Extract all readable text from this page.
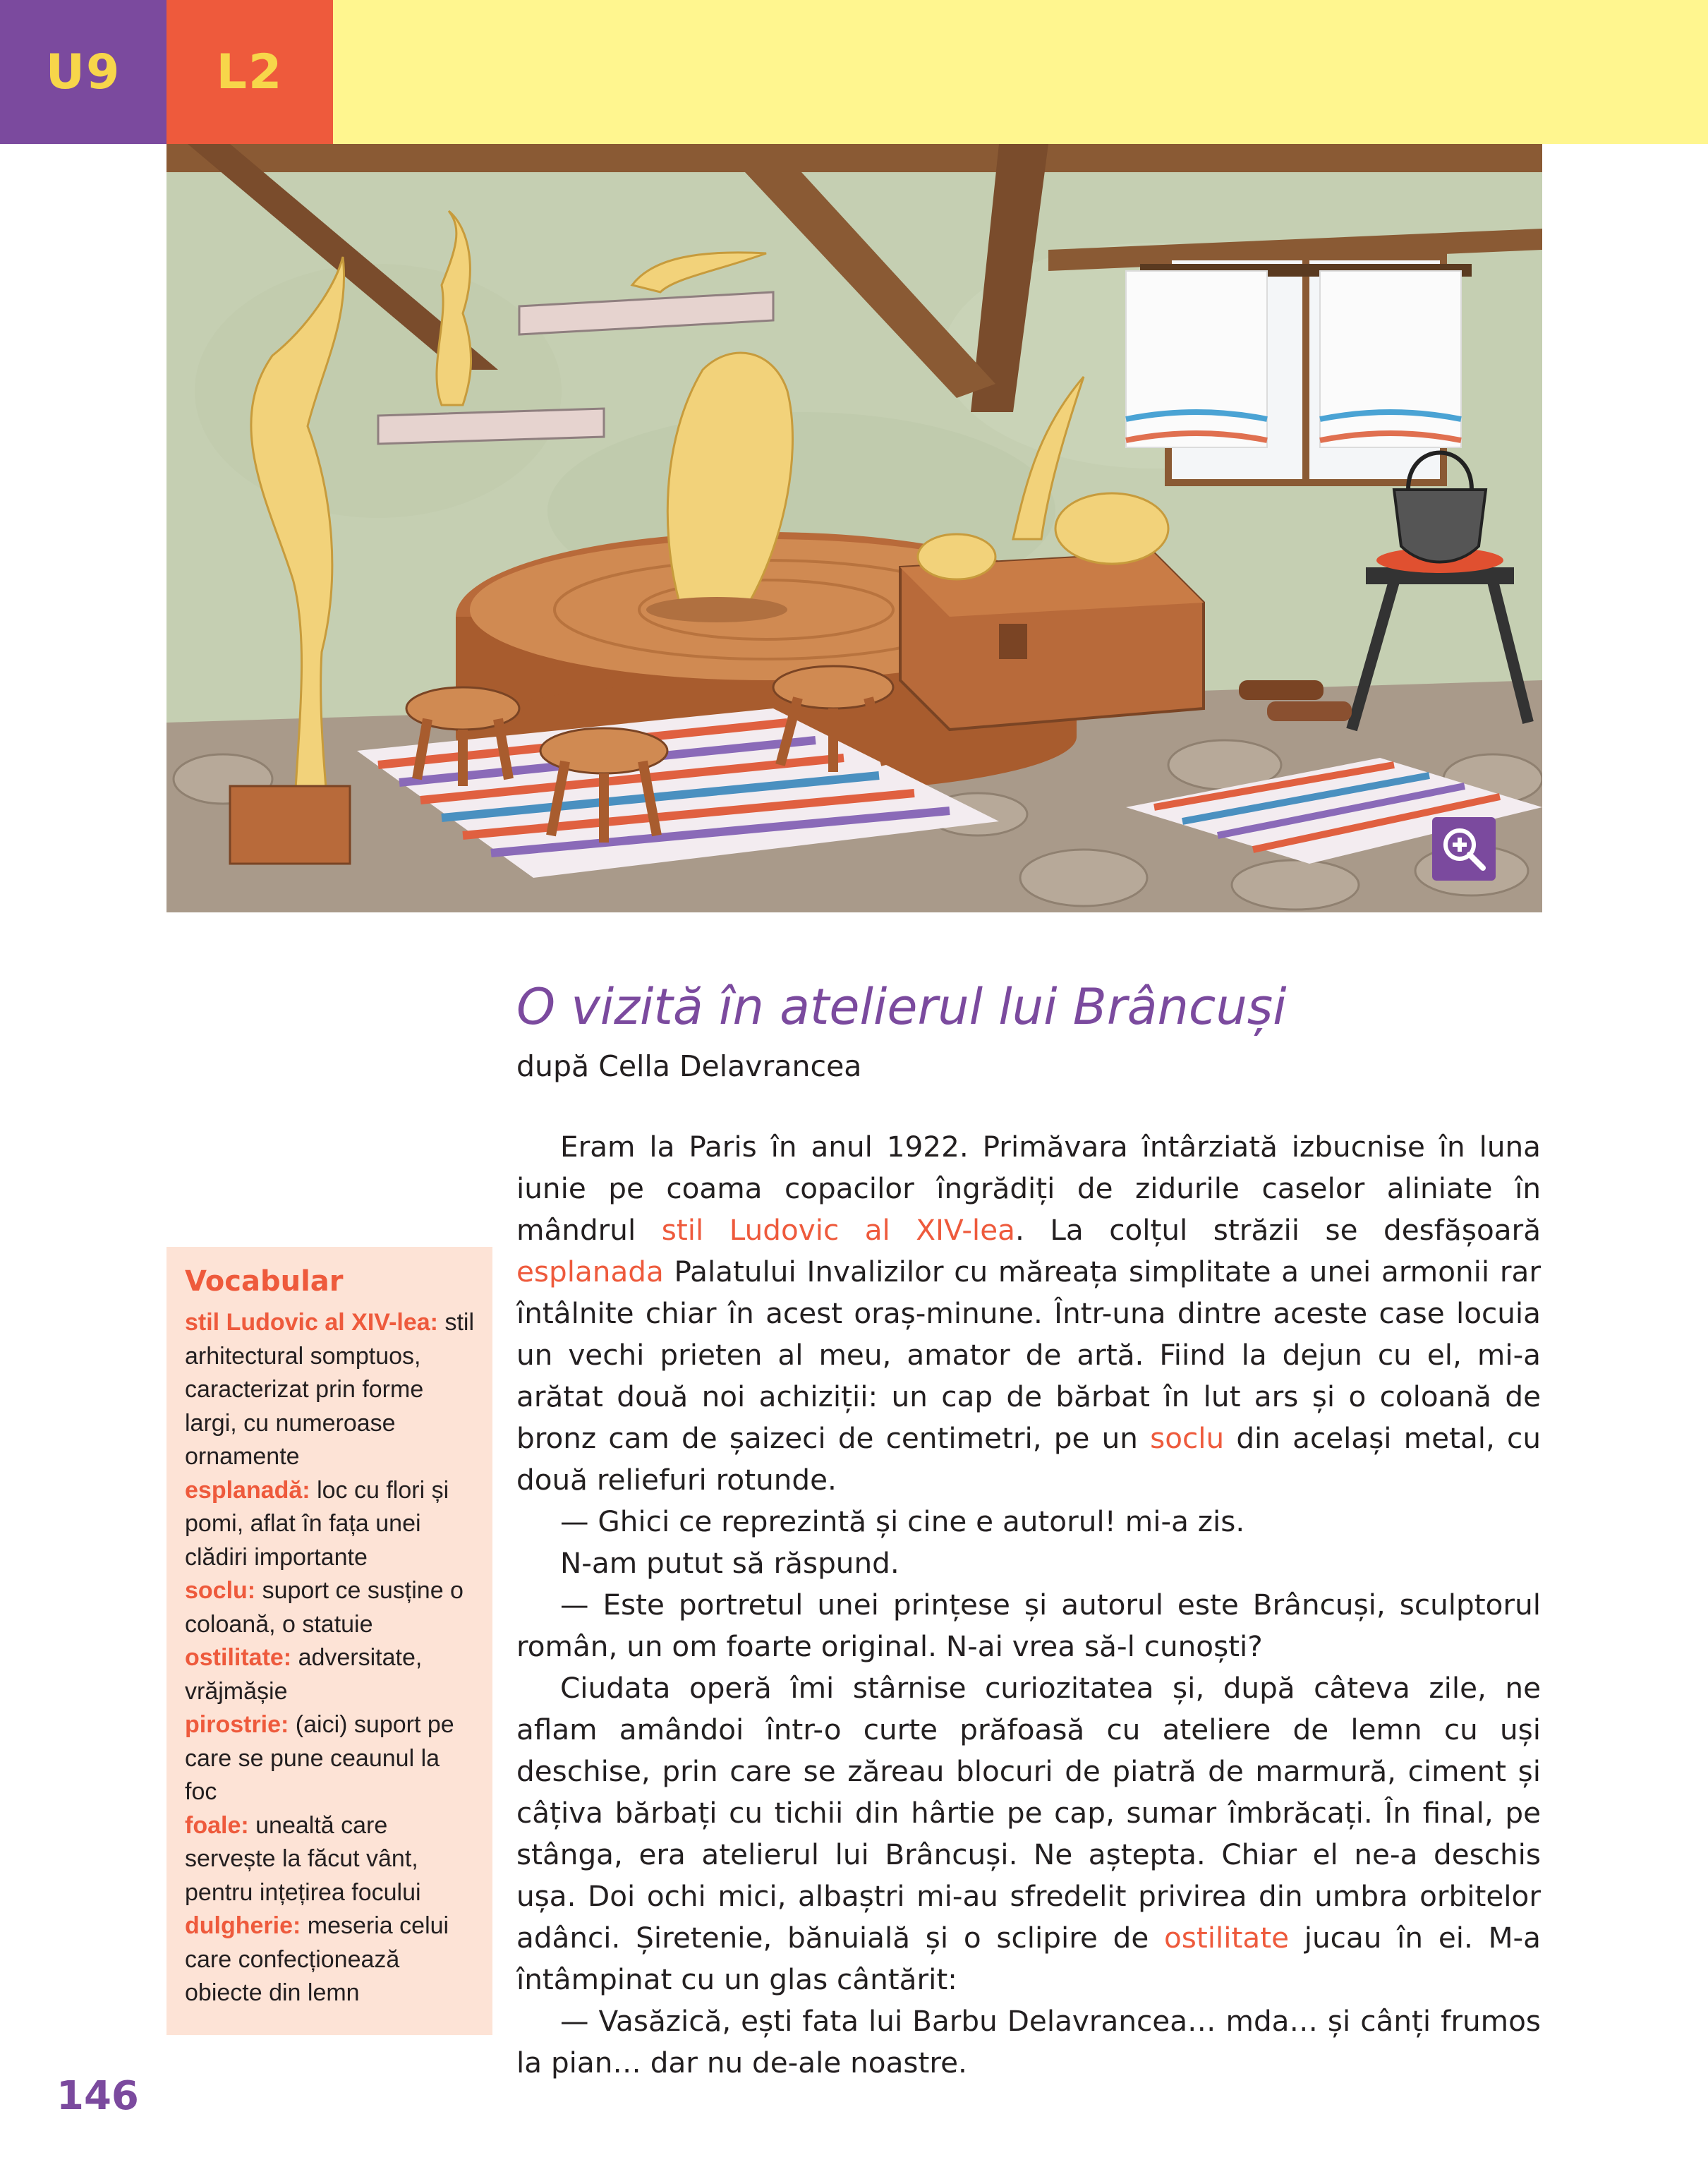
U9 L2
O vizită în atelierul lui Brâncuși

după Cella Delavrancea

Eram la Paris în anul 1922. Primăvara întârziată izbucnise în luna iunie pe coama copacilor îngrădiți de zidurile caselor aliniate în mândrul stil Ludovic al XIV-lea. La colțul străzii se desfășoară esplanada Palatului Invalizilor cu măreața simplitate a unei armonii rar întâlnite chiar în acest oraș-minune. Într-una dintre aceste case locuia un vechi prieten al meu, amator de artă. Fiind la dejun cu el, mi-a arătat două noi achiziții: un cap de bărbat în lut ars și o coloană de bronz cam de șaizeci de centimetri, pe un soclu din același metal, cu două reliefuri rotunde.

— Ghici ce reprezintă și cine e autorul! mi-a zis.

N-am putut să răspund.

— Este portretul unei prințese și autorul este Brâncuși, sculptorul român, un om foarte original. N-ai vrea să-l cunoști?

Ciudata operă îmi stârnise curiozitatea și, după câteva zile, ne aflam amândoi într-o curte prăfoasă cu ateliere de lemn cu uși deschise, prin care se zăreau blocuri de piatră de marmură, ciment și câțiva bărbați cu tichii din hârtie pe cap, sumar îmbrăcați. În final, pe stânga, era atelierul lui Brâncuși. Ne aștepta. Chiar el ne-a deschis ușa. Doi ochi mici, albaștri mi-au sfredelit privirea din umbra orbitelor adânci. Șiretenie, bănuială și o sclipire de ostilitate jucau în ei. M-a întâmpinat cu un glas cântărit:

— Vasăzică, ești fata lui Barbu Delavrancea… mda… și cânți frumos la pian… dar nu de-ale noastre.

Vocabular
stil Ludovic al XIV-lea: stil arhitectural somptuos, caracterizat prin forme largi, cu numeroase ornamente
esplanadă: loc cu flori și pomi, aflat în fața unei clădiri importante
soclu: suport ce susține o coloană, o statuie
ostilitate: adversitate, vrăjmășie
pirostrie: (aici) suport pe care se pune ceaunul la foc
foale: unealtă care servește la făcut vânt, pentru ințețirea focului
dulgherie: meseria celui care confecționează obiecte din lemn
146
